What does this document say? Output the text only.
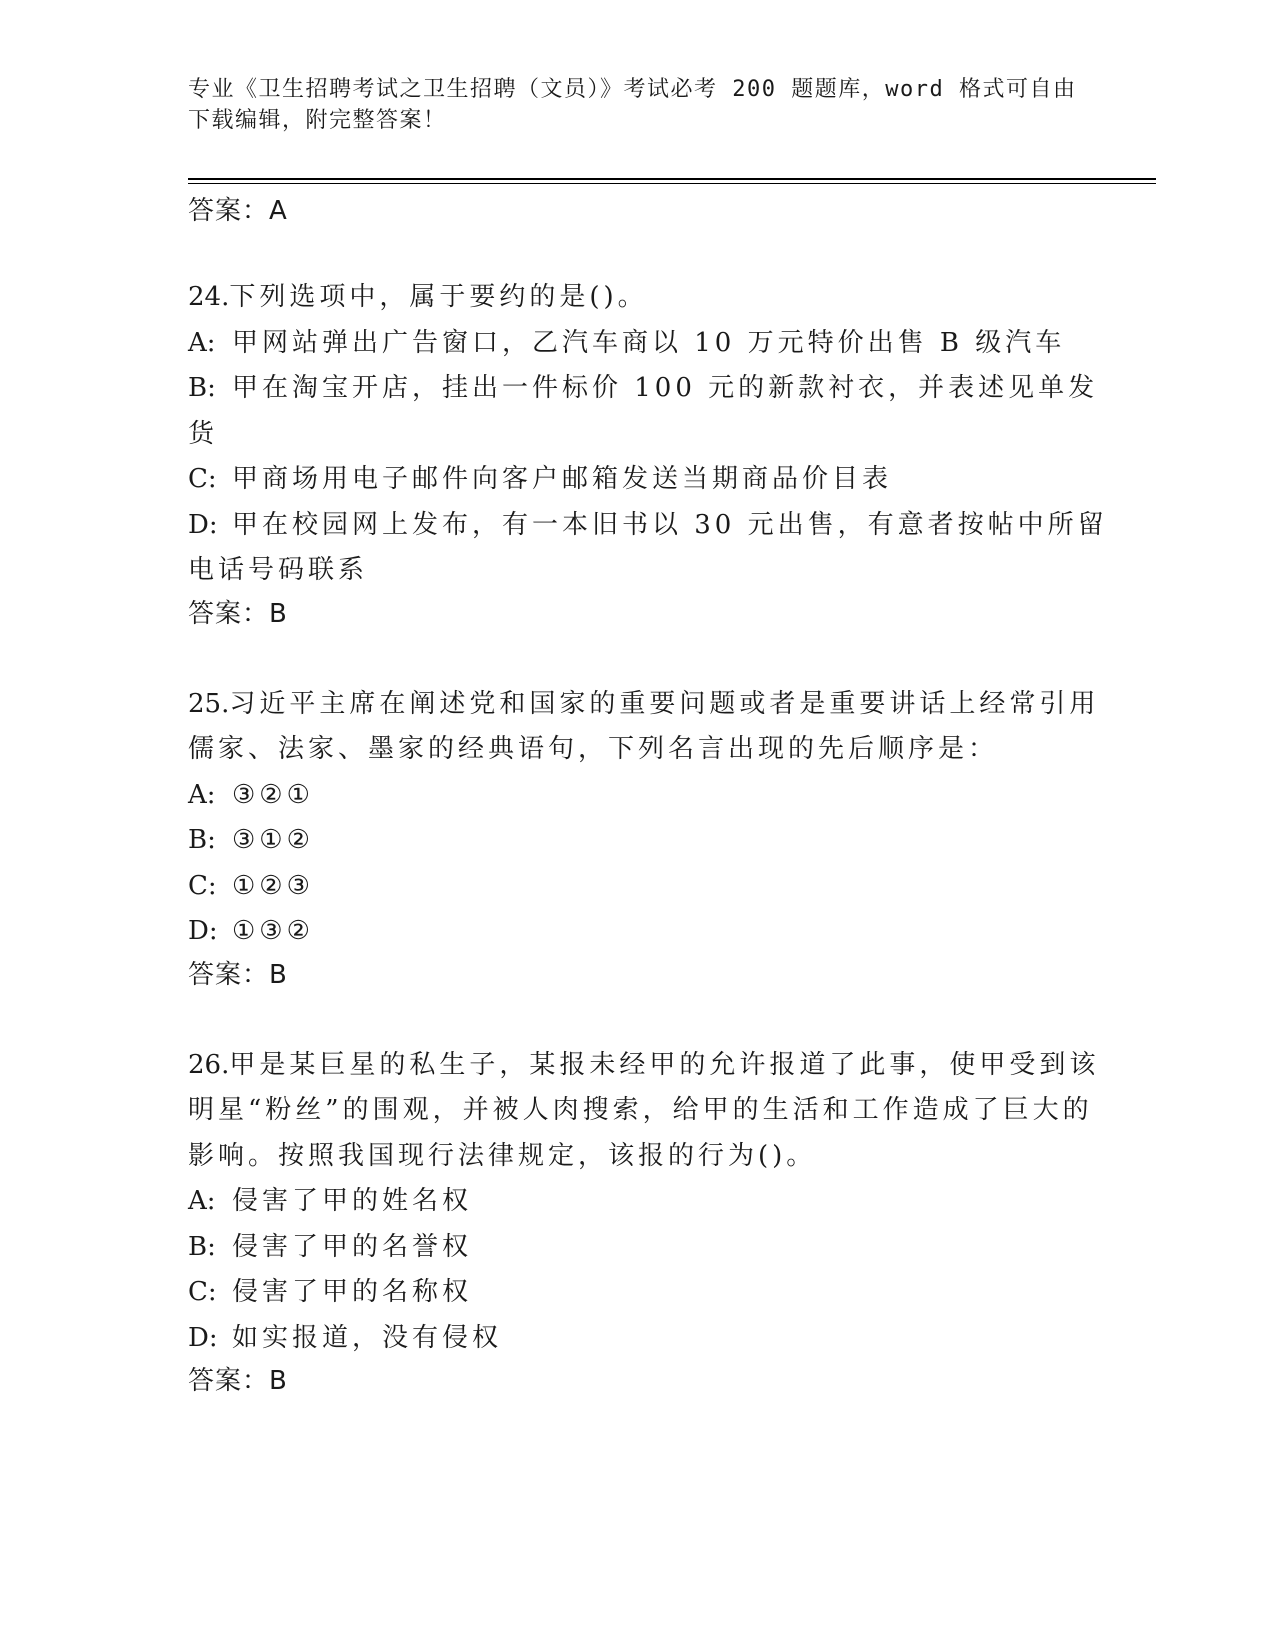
专业《卫生招聘考试之卫生招聘（文员）》考试必考 200 题题库，word 格式可自由下载编辑，附完整答案！

答案：A

24.下列选项中，属于要约的是()。

A: 甲网站弹出广告窗口，乙汽车商以 10 万元特价出售 B 级汽车

B: 甲在淘宝开店，挂出一件标价 100 元的新款衬衣，并表述见单发货

C: 甲商场用电子邮件向客户邮箱发送当期商品价目表

D: 甲在校园网上发布，有一本旧书以 30 元出售，有意者按帖中所留电话号码联系

答案：B

25.习近平主席在阐述党和国家的重要问题或者是重要讲话上经常引用儒家、法家、墨家的经典语句，下列名言出现的先后顺序是：

A: ③②①

B: ③①②

C: ①②③

D: ①③②

答案：B

26.甲是某巨星的私生子，某报未经甲的允许报道了此事，使甲受到该明星“粉丝”的围观，并被人肉搜索，给甲的生活和工作造成了巨大的影响。按照我国现行法律规定，该报的行为()。

A: 侵害了甲的姓名权

B: 侵害了甲的名誉权

C: 侵害了甲的名称权

D: 如实报道，没有侵权

答案：B
